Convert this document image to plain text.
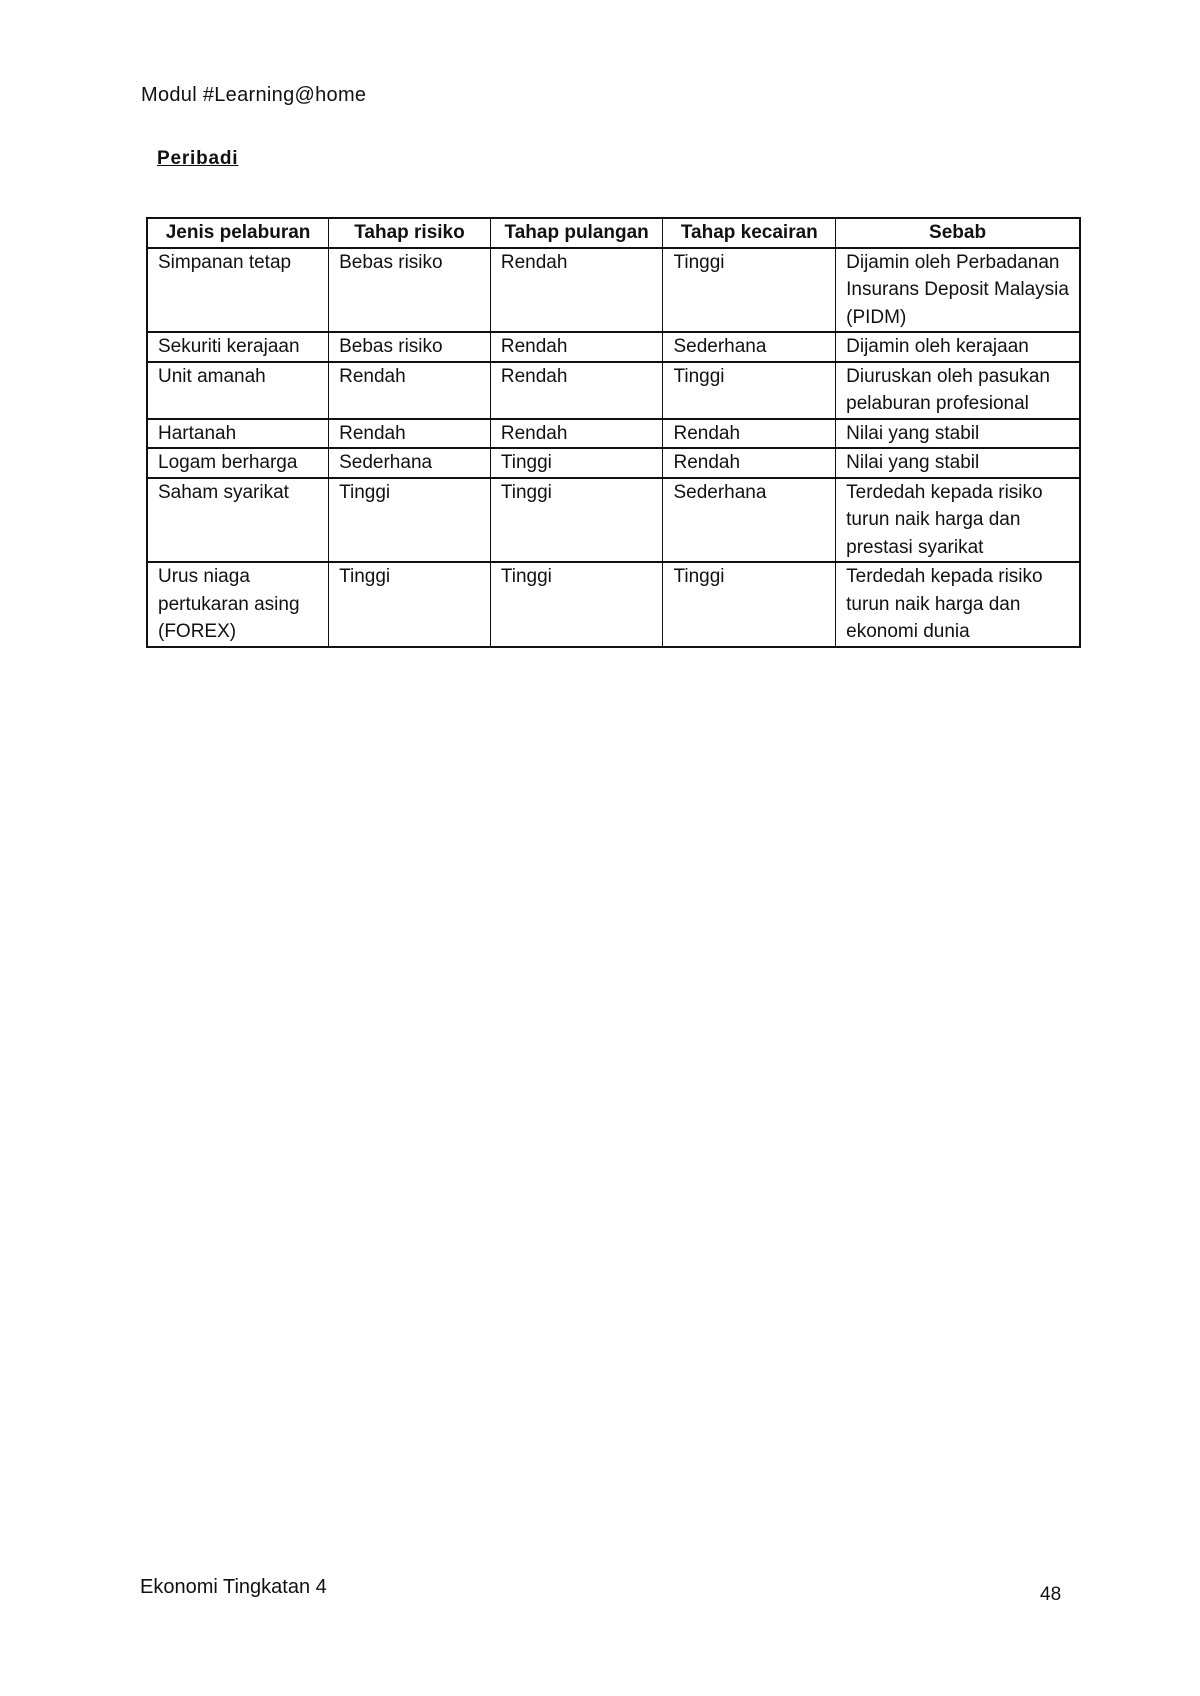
Modul #Learning@home
Peribadi
Jenis pelaburan	Tahap risiko	Tahap pulangan	Tahap kecairan	Sebab
Simpanan tetap	Bebas risiko	Rendah	Tinggi	Dijamin oleh Perbadanan Insurans Deposit Malaysia (PIDM)
Sekuriti kerajaan	Bebas risiko	Rendah	Sederhana	Dijamin oleh kerajaan
Unit amanah	Rendah	Rendah	Tinggi	Diuruskan oleh pasukan pelaburan profesional
Hartanah	Rendah	Rendah	Rendah	Nilai yang stabil
Logam berharga	Sederhana	Tinggi	Rendah	Nilai yang stabil
Saham syarikat	Tinggi	Tinggi	Sederhana	Terdedah kepada risiko turun naik harga dan prestasi syarikat
Urus niaga pertukaran asing (FOREX)	Tinggi	Tinggi	Tinggi	Terdedah kepada risiko turun naik harga dan ekonomi dunia
Ekonomi Tingkatan 4	48
